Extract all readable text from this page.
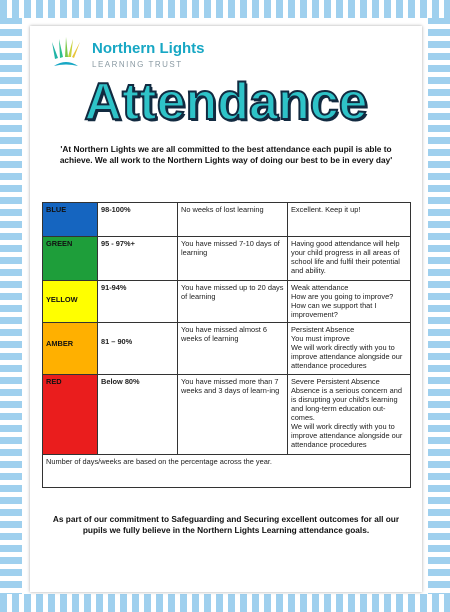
Northern Lights
LEARNING TRUST
Attendance
'At Northern Lights we are all committed to the best attendance each pupil is able to achieve. We all work to the Northern Lights way of doing our best to be in every day'
BLUE	98-100%	No weeks of lost learning	Excellent. Keep it up!

GREEN	95 - 97%+	You have missed 7-10 days of learning	Having good attendance will help your child progress in all areas of school life and fulfil their potential and ability.

YELLOW	91-94%	You have missed up to 20 days of learning	Weak attendance
How are you going to improve?
How can we support that I improvement?

AMBER	81 – 90%	You have missed almost 6 weeks of learning	Persistent Absence
You must improve
We will work directly with you to improve attendance alongside our attendance procedures

RED	Below 80%	You have missed more than 7 weeks and 3 days of learn-ing	Severe Persistent Absence
Absence is a serious concern and is disrupting your child's learning and long-term education out-comes.
We will work directly with you to improve attendance alongside our attendance procedures

Number of days/weeks are based on the percentage across the year.			
As part of our commitment to Safeguarding and Securing excellent outcomes for all our pupils we fully believe in the Northern Lights Learning attendance goals.
